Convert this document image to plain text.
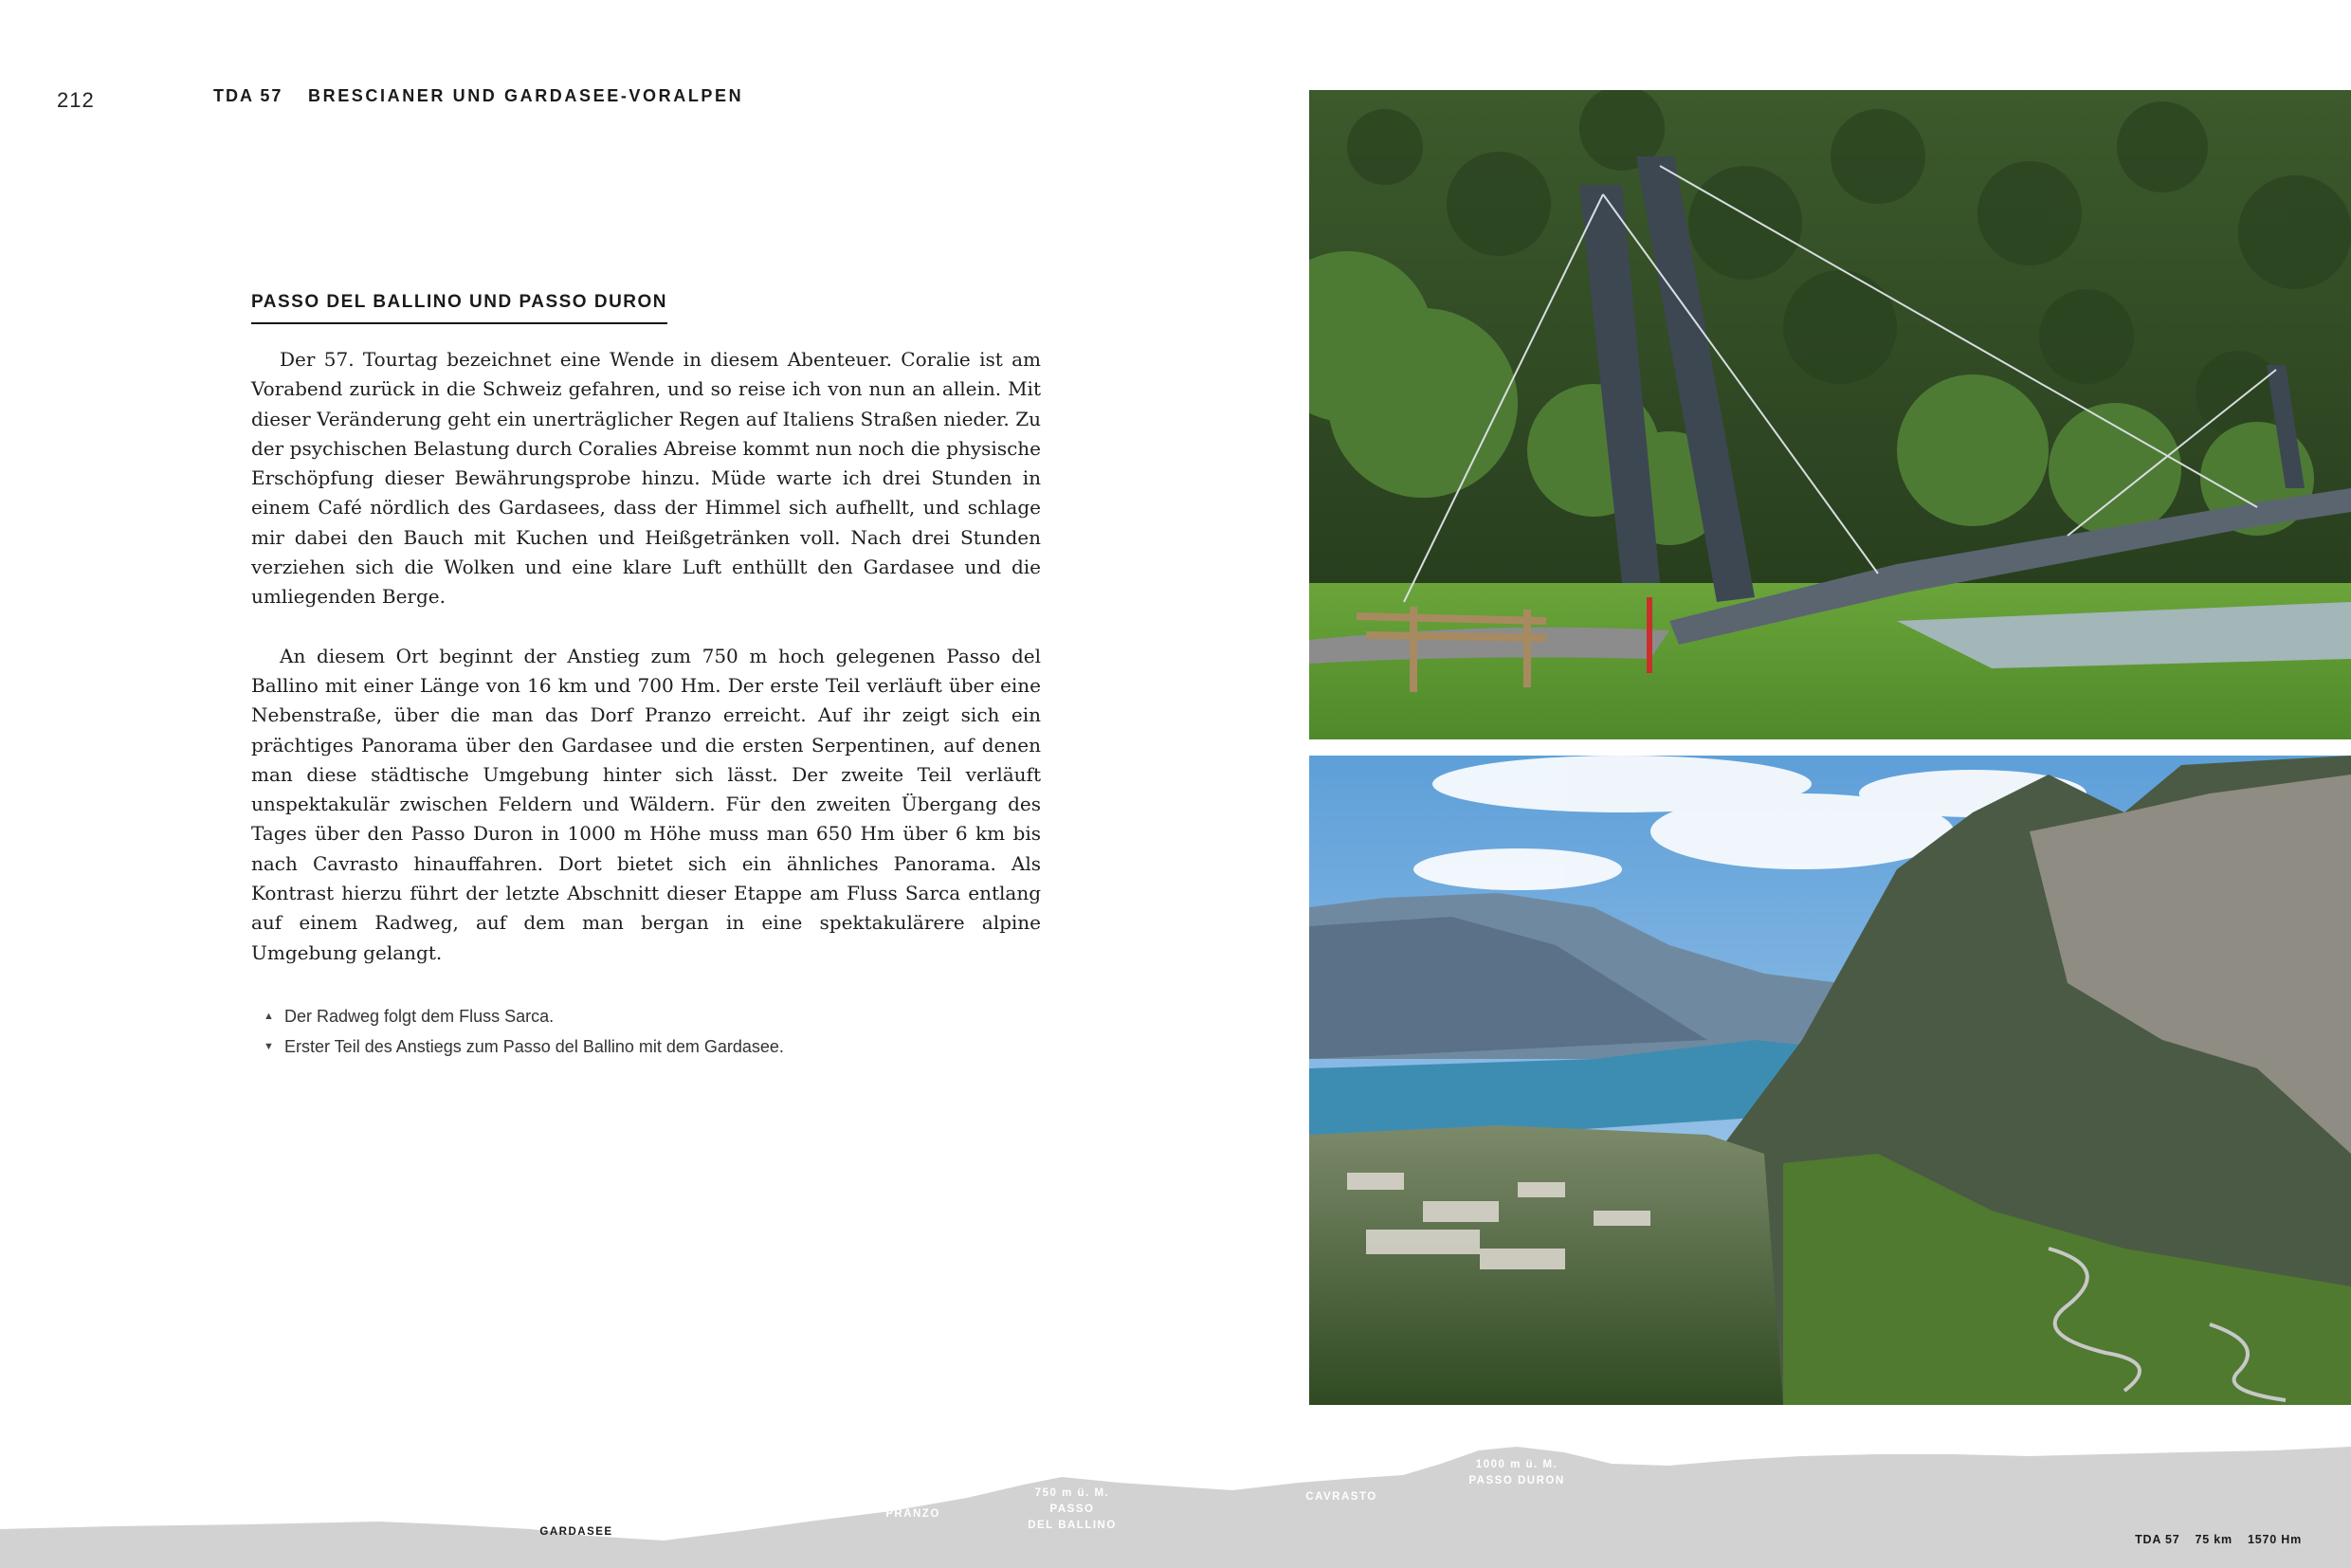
212	TDA 57 BRESCIANER UND GARDASEE-VORALPEN
PASSO DEL BALLINO UND PASSO DURON

Der 57. Tourtag bezeichnet eine Wende in diesem Abenteuer. Coralie ist am Vorabend zurück in die Schweiz gefahren, und so reise ich von nun an allein. Mit dieser Veränderung geht ein unerträglicher Regen auf Italiens Straßen nieder. Zu der psychischen Belastung durch Coralies Abreise kommt nun noch die physische Erschöpfung dieser Bewährungsprobe hinzu. Müde warte ich drei Stunden in einem Café nördlich des Gardasees, dass der Himmel sich aufhellt, und schlage mir dabei den Bauch mit Kuchen und Heißgetränken voll. Nach drei Stunden verziehen sich die Wolken und eine klare Luft enthüllt den Gardasee und die umliegenden Berge.

An diesem Ort beginnt der Anstieg zum 750 m hoch gelegenen Passo del Ballino mit einer Länge von 16 km und 700 Hm. Der erste Teil verläuft über eine Nebenstraße, über die man das Dorf Pranzo erreicht. Auf ihr zeigt sich ein prächtiges Panorama über den Gardasee und die ersten Serpentinen, auf denen man diese städtische Umgebung hinter sich lässt. Der zweite Teil verläuft unspektakulär zwischen Feldern und Wäldern. Für den zweiten Übergang des Tages über den Passo Duron in 1000 m Höhe muss man 650 Hm über 6 km bis nach Cavrasto hinauffahren. Dort bietet sich ein ähnliches Panorama. Als Kontrast hierzu führt der letzte Abschnitt dieser Etappe am Fluss Sarca entlang auf einem Radweg, auf dem man bergan in eine spektakulärere alpine Umgebung gelangt.

▲ Der Radweg folgt dem Fluss Sarca.
▼ Erster Teil des Anstiegs zum Passo del Ballino mit dem Gardasee.
GARDASEE
PRANZO
750 m ü. M.
PASSO
DEL BALLINO
CAVRASTO
1000 m ü. M.
PASSO DURON
TDA 57 75 km 1570 Hm
